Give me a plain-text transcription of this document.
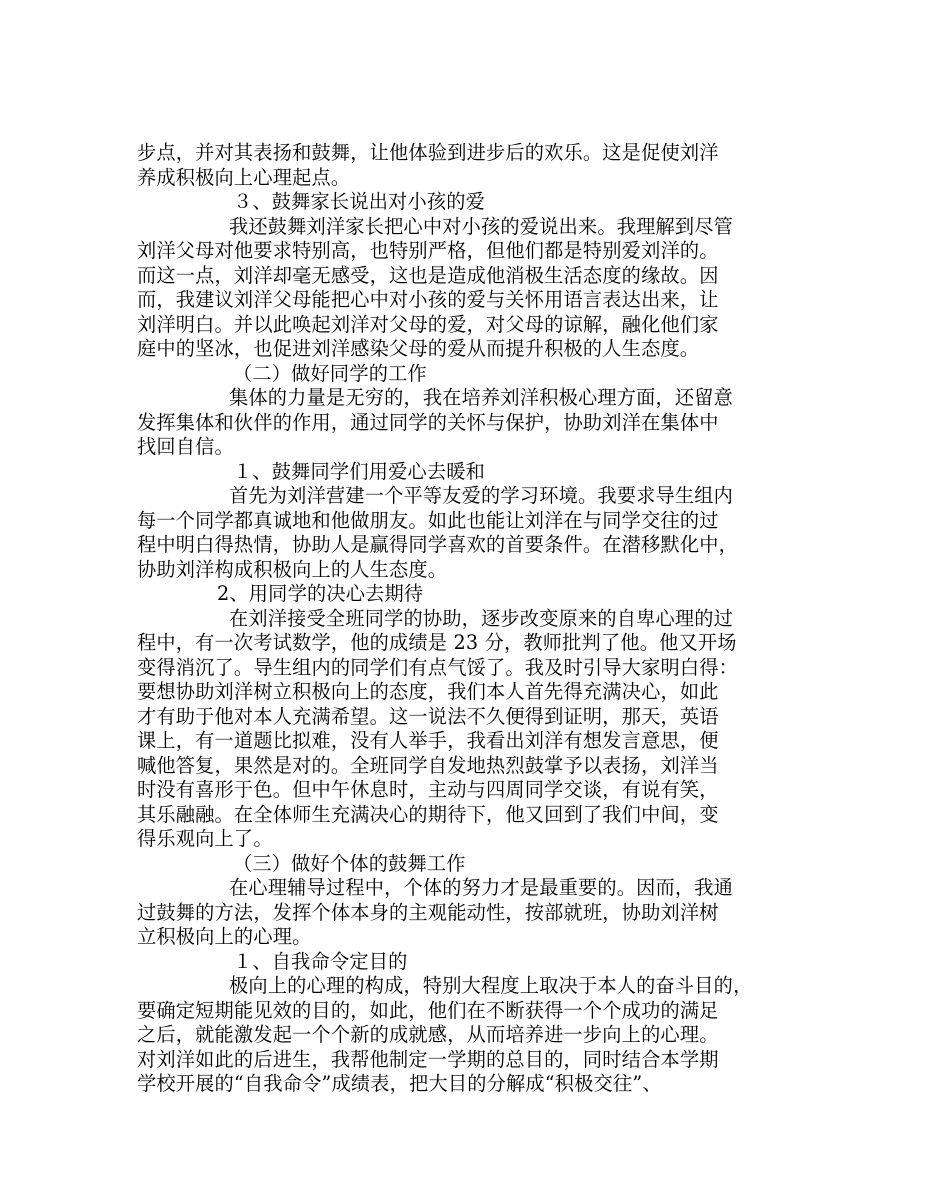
步点，并对其表扬和鼓舞，让他体验到进步后的欢乐。这是促使刘洋
养成积极向上心理起点。
３、鼓舞家长说出对小孩的爱
我还鼓舞刘洋家长把心中对小孩的爱说出来。我理解到尽管
刘洋父母对他要求特别高，也特别严格，但他们都是特别爱刘洋的。
而这一点，刘洋却毫无感受，这也是造成他消极生活态度的缘故。因
而，我建议刘洋父母能把心中对小孩的爱与关怀用语言表达出来，让
刘洋明白。并以此唤起刘洋对父母的爱，对父母的谅解，融化他们家
庭中的坚冰，也促进刘洋感染父母的爱从而提升积极的人生态度。
（二）做好同学的工作
集体的力量是无穷的，我在培养刘洋积极心理方面，还留意
发挥集体和伙伴的作用，通过同学的关怀与保护，协助刘洋在集体中
找回自信。
１、鼓舞同学们用爱心去暖和
首先为刘洋营建一个平等友爱的学习环境。我要求导生组内
每一个同学都真诚地和他做朋友。如此也能让刘洋在与同学交往的过
程中明白得热情，协助人是赢得同学喜欢的首要条件。在潜移默化中，
协助刘洋构成积极向上的人生态度。
2、用同学的决心去期待
在刘洋接受全班同学的协助，逐步改变原来的自卑心理的过
程中，有一次考试数学，他的成绩是 23 分，教师批判了他。他又开场
变得消沉了。导生组内的同学们有点气馁了。我及时引导大家明白得：
要想协助刘洋树立积极向上的态度，我们本人首先得充满决心，如此
才有助于他对本人充满希望。这一说法不久便得到证明，那天，英语
课上，有一道题比拟难，没有人举手，我看出刘洋有想发言意思，便
喊他答复，果然是对的。全班同学自发地热烈鼓掌予以表扬，刘洋当
时没有喜形于色。但中午休息时，主动与四周同学交谈，有说有笑，
其乐融融。在全体师生充满决心的期待下，他又回到了我们中间，变
得乐观向上了。
（三）做好个体的鼓舞工作
在心理辅导过程中，个体的努力才是最重要的。因而，我通
过鼓舞的方法，发挥个体本身的主观能动性，按部就班，协助刘洋树
立积极向上的心理。
１、自我命令定目的
极向上的心理的构成，特别大程度上取决于本人的奋斗目的，
要确定短期能见效的目的，如此，他们在不断获得一个个成功的满足
之后，就能激发起一个个新的成就感，从而培养进一步向上的心理。
对刘洋如此的后进生，我帮他制定一学期的总目的，同时结合本学期
学校开展的“自我命令”成绩表，把大目的分解成“积极交往”、
